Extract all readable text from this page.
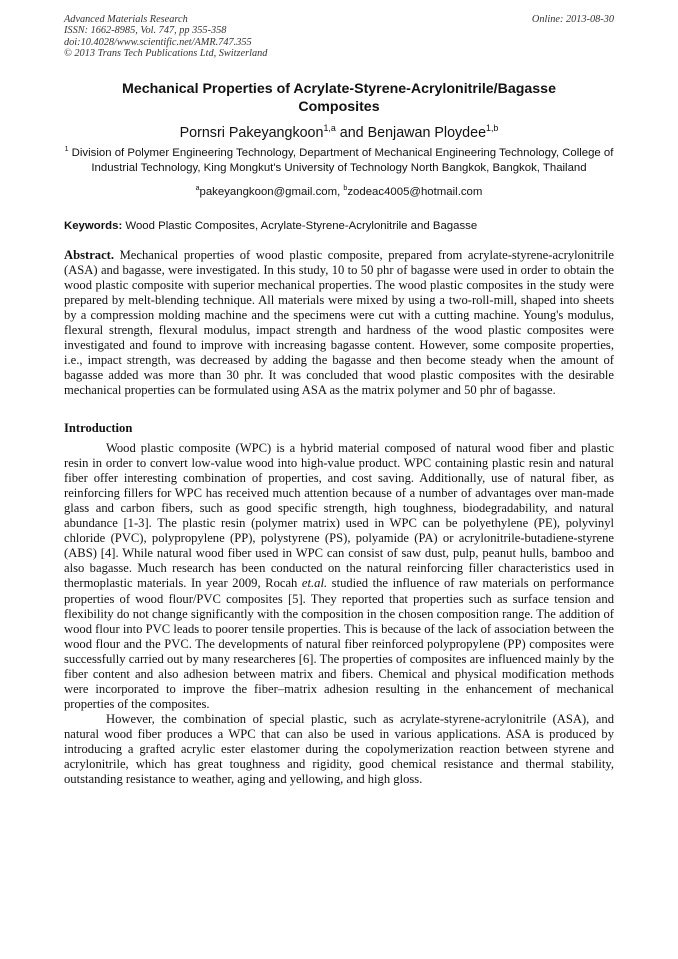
Advanced Materials Research
ISSN: 1662-8985, Vol. 747, pp 355-358
doi:10.4028/www.scientific.net/AMR.747.355
© 2013 Trans Tech Publications Ltd, Switzerland
Online: 2013-08-30
Mechanical Properties of Acrylate-Styrene-Acrylonitrile/Bagasse Composites
Pornsri Pakeyangkoon$^{1,a}$ and Benjawan Ploydee$^{1,b}$
$^1$ Division of Polymer Engineering Technology, Department of Mechanical Engineering Technology, College of Industrial Technology, King Mongkut's University of Technology North Bangkok, Bangkok, Thailand
$^a$pakeyangkoon@gmail.com, $^b$zodeac4005@hotmail.com
Keywords: Wood Plastic Composites, Acrylate-Styrene-Acrylonitrile and Bagasse

Abstract. Mechanical properties of wood plastic composite, prepared from acrylate-styrene-acrylonitrile (ASA) and bagasse, were investigated. In this study, 10 to 50 phr of bagasse were used in order to obtain the wood plastic composite with superior mechanical properties. The wood plastic composites in the study were prepared by melt-blending technique. All materials were mixed by using a two-roll-mill, shaped into sheets by a compression molding machine and the specimens were cut with a cutting machine. Young's modulus, flexural strength, flexural modulus, impact strength and hardness of the wood plastic composites were investigated and found to improve with increasing bagasse content. However, some composite properties, i.e., impact strength, was decreased by adding the bagasse and then become steady when the amount of bagasse added was more than 30 phr. It was concluded that wood plastic composites with the desirable mechanical properties can be formulated using ASA as the matrix polymer and 50 phr of bagasse.

Introduction

Wood plastic composite (WPC) is a hybrid material composed of natural wood fiber and plastic resin in order to convert low-value wood into high-value product. WPC containing plastic resin and natural fiber offer interesting combination of properties, and cost saving. Additionally, use of natural fiber, as reinforcing fillers for WPC has received much attention because of a number of advantages over man-made glass and carbon fibers, such as good specific strength, high toughness, biodegradability, and natural abundance [1-3]. The plastic resin (polymer matrix) used in WPC can be polyethylene (PE), polyvinyl chloride (PVC), polypropylene (PP), polystyrene (PS), polyamide (PA) or acrylonitrile-butadiene-styrene (ABS) [4]. While natural wood fiber used in WPC can consist of saw dust, pulp, peanut hulls, bamboo and also bagasse. Much research has been conducted on the natural reinforcing filler characteristics used in thermoplastic materials. In year 2009, Rocah et.al. studied the influence of raw materials on performance properties of wood flour/PVC composites [5]. They reported that properties such as surface tension and flexibility do not change significantly with the composition in the chosen composition range. The addition of wood flour into PVC leads to poorer tensile properties. This is because of the lack of association between the wood flour and the PVC. The developments of natural fiber reinforced polypropylene (PP) composites were successfully carried out by many researcheres [6]. The properties of composites are influenced mainly by the fiber content and also adhesion between matrix and fibers. Chemical and physical modification methods were incorporated to improve the fiber–matrix adhesion resulting in the enhancement of mechanical properties of the composites.

However, the combination of special plastic, such as acrylate-styrene-acrylonitrile (ASA), and natural wood fiber produces a WPC that can also be used in various applications. ASA is produced by introducing a grafted acrylic ester elastomer during the copolymerization reaction between styrene and acrylonitrile, which has great toughness and rigidity, good chemical resistance and thermal stability, outstanding resistance to weather, aging and yellowing, and high gloss.
